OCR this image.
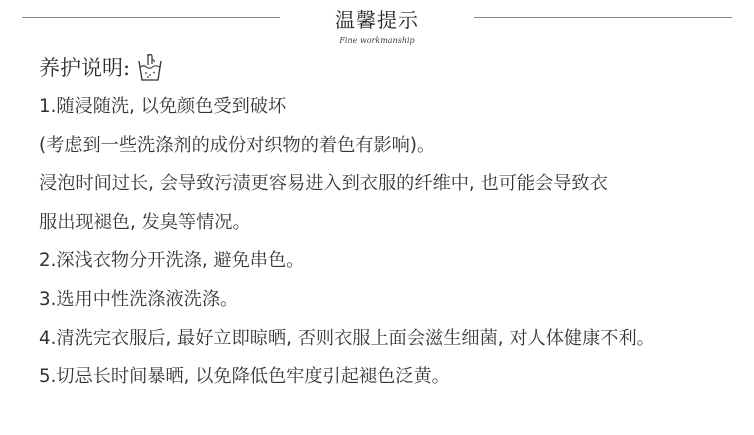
温馨提示
Fine workmanship
养护说明:
1.随浸随洗, 以免颜色受到破坏
(考虑到一些洗涤剂的成份对织物的着色有影响)。
浸泡时间过长, 会导致污渍更容易进入到衣服的纤维中, 也可能会导致衣
服出现褪色, 发臭等情况。
2.深浅衣物分开洗涤, 避免串色。
3.选用中性洗涤液洗涤。
4.清洗完衣服后, 最好立即晾晒, 否则衣服上面会滋生细菌, 对人体健康不利。
5.切忌长时间暴晒, 以免降低色牢度引起褪色泛黄。
